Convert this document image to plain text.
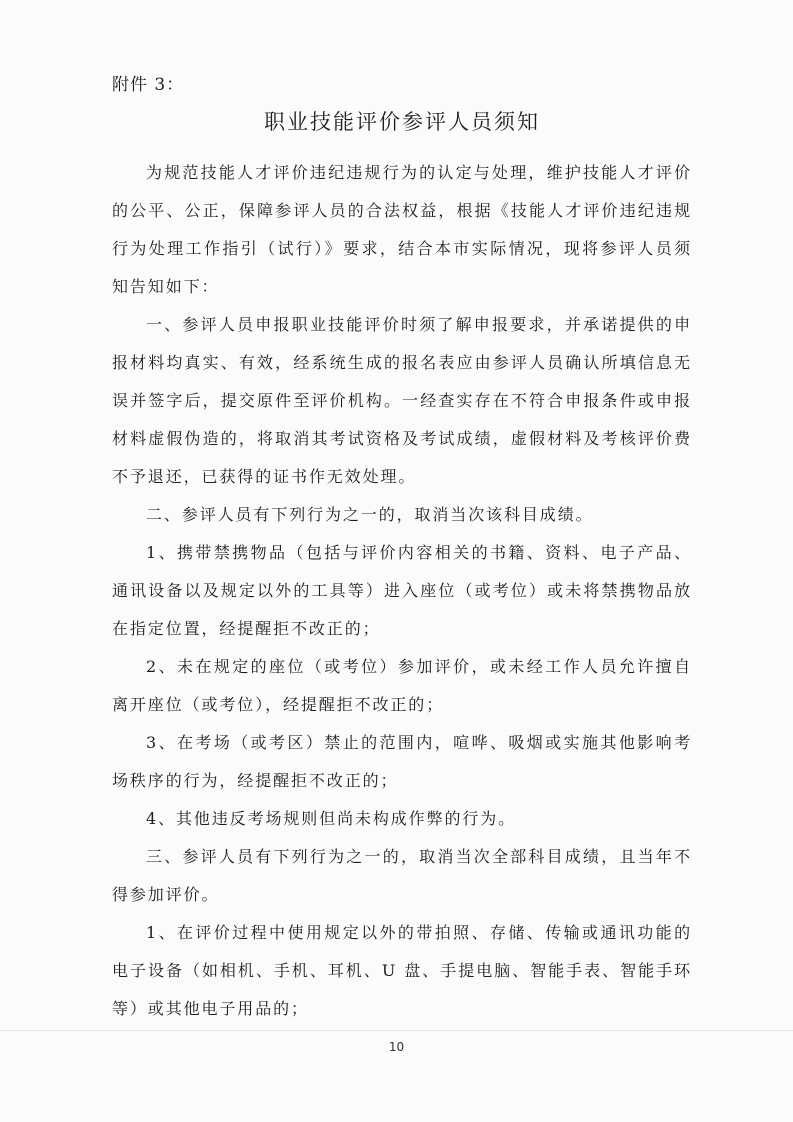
附件 3：

职业技能评价参评人员须知

为规范技能人才评价违纪违规行为的认定与处理，维护技能人才评价的公平、公正，保障参评人员的合法权益，根据《技能人才评价违纪违规行为处理工作指引（试行）》要求，结合本市实际情况，现将参评人员须知告知如下：

一、参评人员申报职业技能评价时须了解申报要求，并承诺提供的申报材料均真实、有效，经系统生成的报名表应由参评人员确认所填信息无误并签字后，提交原件至评价机构。一经查实存在不符合申报条件或申报材料虚假伪造的，将取消其考试资格及考试成绩，虚假材料及考核评价费不予退还，已获得的证书作无效处理。

二、参评人员有下列行为之一的，取消当次该科目成绩。

1、携带禁携物品（包括与评价内容相关的书籍、资料、电子产品、通讯设备以及规定以外的工具等）进入座位（或考位）或未将禁携物品放在指定位置，经提醒拒不改正的；

2、未在规定的座位（或考位）参加评价，或未经工作人员允许擅自离开座位（或考位），经提醒拒不改正的；

3、在考场（或考区）禁止的范围内，喧哗、吸烟或实施其他影响考场秩序的行为，经提醒拒不改正的；

4、其他违反考场规则但尚未构成作弊的行为。

三、参评人员有下列行为之一的，取消当次全部科目成绩，且当年不得参加评价。

1、在评价过程中使用规定以外的带拍照、存储、传输或通讯功能的电子设备（如相机、手机、耳机、U 盘、手提电脑、智能手表、智能手环等）或其他电子用品的；

10
